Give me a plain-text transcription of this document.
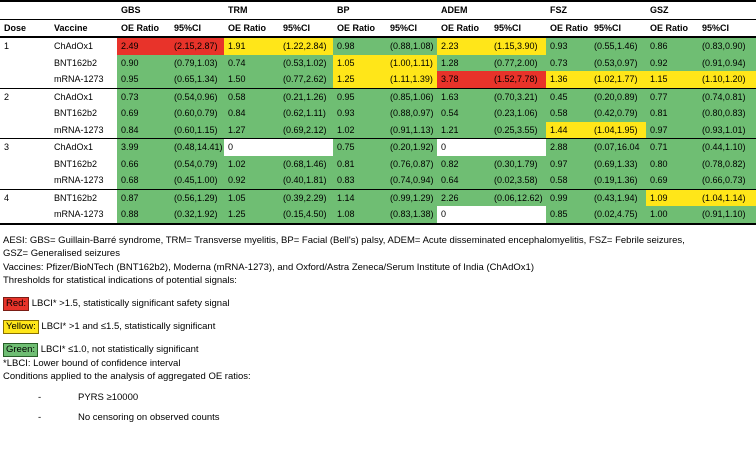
		GBS		TRM		BP		ADEM		FSZ		GSZ	
Dose	Vaccine	OE Ratio	95%CI	OE Ratio	95%CI	OE Ratio	95%CI	OE Ratio	95%CI	OE Ratio	95%CI	OE Ratio	95%CI
1	ChAdOx1	2.49	(2.15,2.87)	1.91	(1.22,2.84)	0.98	(0.88,1.08)	2.23	(1.15,3.90)	0.93	(0.55,1.46)	0.86	(0.83,0.90)
	BNT162b2	0.90	(0.79,1.03)	0.74	(0.53,1.02)	1.05	(1.00,1.11)	1.28	(0.77,2.00)	0.73	(0.53,0.97)	0.92	(0.91,0.94)
	mRNA-1273	0.95	(0.65,1.34)	1.50	(0.77,2.62)	1.25	(1.11,1.39)	3.78	(1.52,7.78)	1.36	(1.02,1.77)	1.15	(1.10,1.20)
2	ChAdOx1	0.73	(0.54,0.96)	0.58	(0.21,1.26)	0.95	(0.85,1.06)	1.63	(0.70,3.21)	0.45	(0.20,0.89)	0.77	(0.74,0.81)
	BNT162b2	0.69	(0.60,0.79)	0.84	(0.62,1.11)	0.93	(0.88,0.97)	0.54	(0.23,1.06)	0.58	(0.42,0.79)	0.81	(0.80,0.83)
	mRNA-1273	0.84	(0.60,1.15)	1.27	(0.69,2.12)	1.02	(0.91,1.13)	1.21	(0.25,3.55)	1.44	(1.04,1.95)	0.97	(0.93,1.01)
3	ChAdOx1	3.99	(0.48,14.41)	0		0.75	(0.20,1.92)	0		2.88	(0.07,16.04	0.71	(0.44,1.10)
	BNT162b2	0.66	(0.54,0.79)	1.02	(0.68,1.46)	0.81	(0.76,0.87)	0.82	(0.30,1.79)	0.97	(0.69,1.33)	0.80	(0.78,0.82)
	mRNA-1273	0.68	(0.45,1.00)	0.92	(0.40,1.81)	0.83	(0.74,0.94)	0.64	(0.02,3.58)	0.58	(0.19,1.36)	0.69	(0.66,0.73)
4	BNT162b2	0.87	(0.56,1.29)	1.05	(0.39,2.29)	1.14	(0.99,1.29)	2.26	(0.06,12.62)	0.99	(0.43,1.94)	1.09	(1.04,1.14)
	mRNA-1273	0.88	(0.32,1.92)	1.25	(0.15,4.50)	1.08	(0.83,1.38)	0		0.85	(0.02,4.75)	1.00	(0.91,1.10)

AESI: GBS= Guillain-Barré syndrome, TRM= Transverse myelitis, BP= Facial (Bell's) palsy, ADEM= Acute disseminated encephalomyelitis, FSZ= Febrile seizures,

GSZ= Generalised seizures

Vaccines: Pfizer/BioNTech (BNT162b2), Moderna (mRNA-1273), and Oxford/Astra Zeneca/Serum Institute of India (ChAdOx1)

Thresholds for statistical indications of potential signals:

Red: LBCI* >1.5, statistically significant safety signal
Yellow: LBCI* >1 and ≤1.5, statistically significant
Green: LBCI* ≤1.0, not statistically significant

*LBCI: Lower bound of confidence interval

Conditions applied to the analysis of aggregated OE ratios:

-	PYRS ≥10000
-	No censoring on observed counts
